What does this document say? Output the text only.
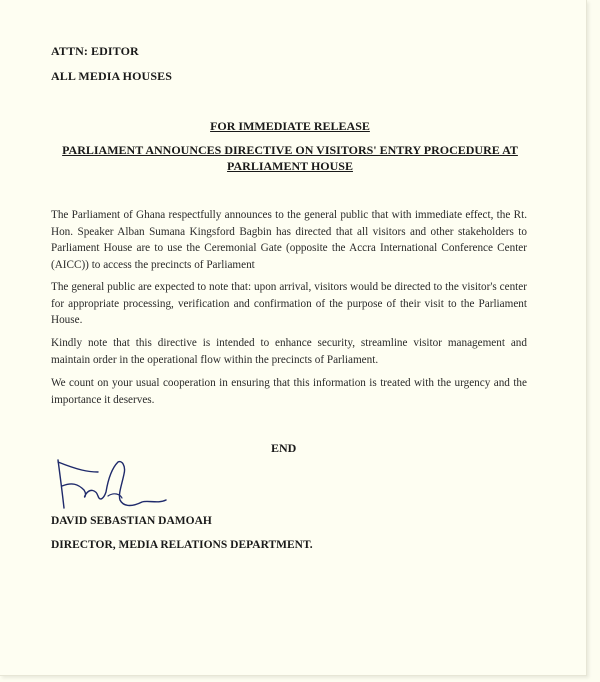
ATTN: EDITOR
ALL MEDIA HOUSES
FOR IMMEDIATE RELEASE
PARLIAMENT ANNOUNCES DIRECTIVE ON VISITORS' ENTRY PROCEDURE AT PARLIAMENT HOUSE
The Parliament of Ghana respectfully announces to the general public that with immediate effect, the Rt. Hon. Speaker Alban Sumana Kingsford Bagbin has directed that all visitors and other stakeholders to Parliament House are to use the Ceremonial Gate (opposite the Accra International Conference Center (AICC)) to access the precincts of Parliament
The general public are expected to note that: upon arrival, visitors would be directed to the visitor's center for appropriate processing, verification and confirmation of the purpose of their visit to the Parliament House.
Kindly note that this directive is intended to enhance security, streamline visitor management and maintain order in the operational flow within the precincts of Parliament.
We count on your usual cooperation in ensuring that this information is treated with the urgency and the importance it deserves.
END
DAVID SEBASTIAN DAMOAH
DIRECTOR, MEDIA RELATIONS DEPARTMENT.
